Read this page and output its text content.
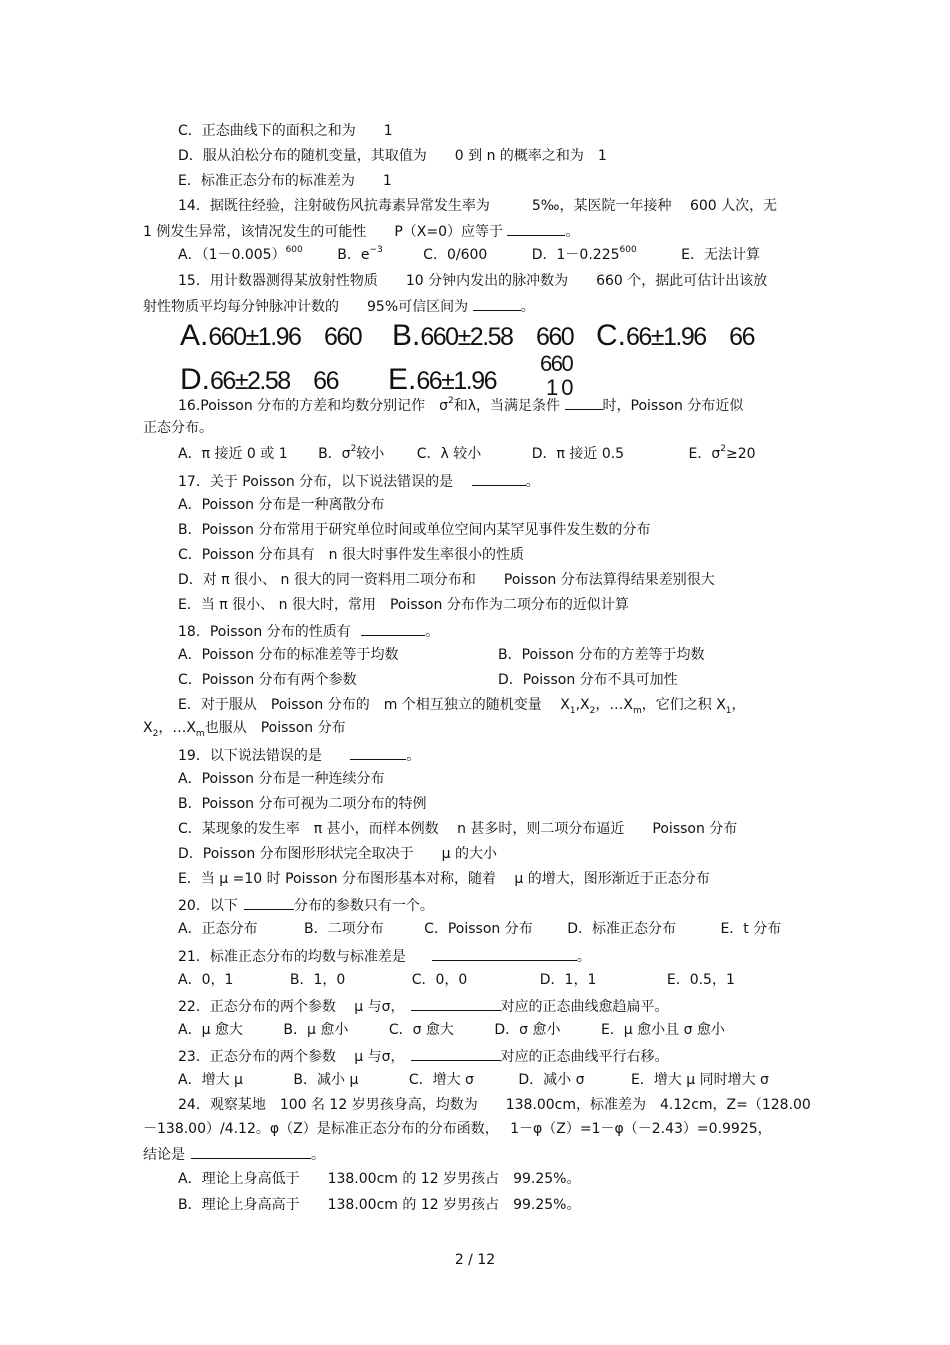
C．正态曲线下的面积之和为　　1
D．服从泊松分布的随机变量，其取值为　　0 到 n 的概率之和为　1
E．标准正态分布的标准差为　　1
14．据既往经验，注射破伤风抗毒素异常发生率为　　　5‰，某医院一年接种　 600 人次，无
1 例发生异常，该情况发生的可能性　　P（X=0）应等于	。
A．$(1-0.005)^{600}$ B．$e^{-3}$	C．0/600	D．$1-0.225^{600}$	E．无法计算
15．用计数器测得某放射性物质　　10 分钟内发出的脉冲数为　　660 个，据此可估计出该放
射性物质平均每分钟脉冲计数的　　95%可信区间为	。
A.660±1.96　660 B.660±2.58　660 C.66±1.96　66
D.66±2.58　66 E.66±1.96
660
10
16.Poisson 分布的方差和均数分别记作　$\sigma^2$和λ，当满足条件	时，Poisson 分布近似
正态分布。
A．π 接近 0 或 1 B．$\sigma^2$较小 C．λ 较小	D．π 接近 0.5	E．$\sigma^2\ge 20$
17．关于 Poisson 分布，以下说法错误的是	。
A．Poisson 分布是一种离散分布
B．Poisson 分布常用于研究单位时间或单位空间内某罕见事件发生数的分布
C．Poisson 分布具有　n 很大时事件发生率很小的性质
D．对 π 很小、 n 很大的同一资料用二项分布和　　Poisson 分布法算得结果差别很大
E．当 π 很小、 n 很大时，常用　Poisson 分布作为二项分布的近似计算
18．Poisson 分布的性质有	。
A．Poisson 分布的标准差等于均数	B．Poisson 分布的方差等于均数
C．Poisson 分布有两个参数	D．Poisson 分布不具可加性
E．对于服从　Poisson 分布的　m 个相互独立的随机变量　 $X_1,X_2$，$\dots X_m$，它们之积 $X_1$，
$X_2$，$\dots X_m$也服从　Poisson 分布
19．以下说法错误的是	。
A．Poisson 分布是一种连续分布
B．Poisson 分布可视为二项分布的特例
C．某现象的发生率　π 甚小，而样本例数　 n 甚多时，则二项分布逼近　　Poisson 分布
D．Poisson 分布图形形状完全取决于　　μ 的大小
E．当 μ =10 时 Poisson 分布图形基本对称，随着　 μ 的增大，图形渐近于正态分布
20．以下	分布的参数只有一个。
A．正态分布	B．二项分布	C．Poisson 分布 D．标准正态分布	E．t 分布
21．标准正态分布的均数与标准差是	。
A．0，1	B．1，0	C．0，0	D．1，1	E．0.5，1
22．正态分布的两个参数　 μ 与σ，	对应的正态曲线愈趋扁平。
A．μ 愈大	B．μ 愈小	C．σ 愈大	D．σ 愈小	E．μ 愈小且 σ 愈小
23．正态分布的两个参数　 μ 与σ，	对应的正态曲线平行右移。
A．增大 μ	B．减小 μ	C．增大 σ	D．减小 σ	E．增大 μ 同时增大 σ
24．观察某地　100 名 12 岁男孩身高，均数为　　138.00cm，标准差为　4.12cm，Z=（128.00
－138.00）/4.12。φ（Z）是标准正态分布的分布函数，　 1－φ（Z）=1－φ（－2.43）=0.9925，
结论是	。
A．理论上身高低于　　138.00cm 的 12 岁男孩占　99.25%。
B．理论上身高高于　　138.00cm 的 12 岁男孩占　99.25%。
2 / 12
